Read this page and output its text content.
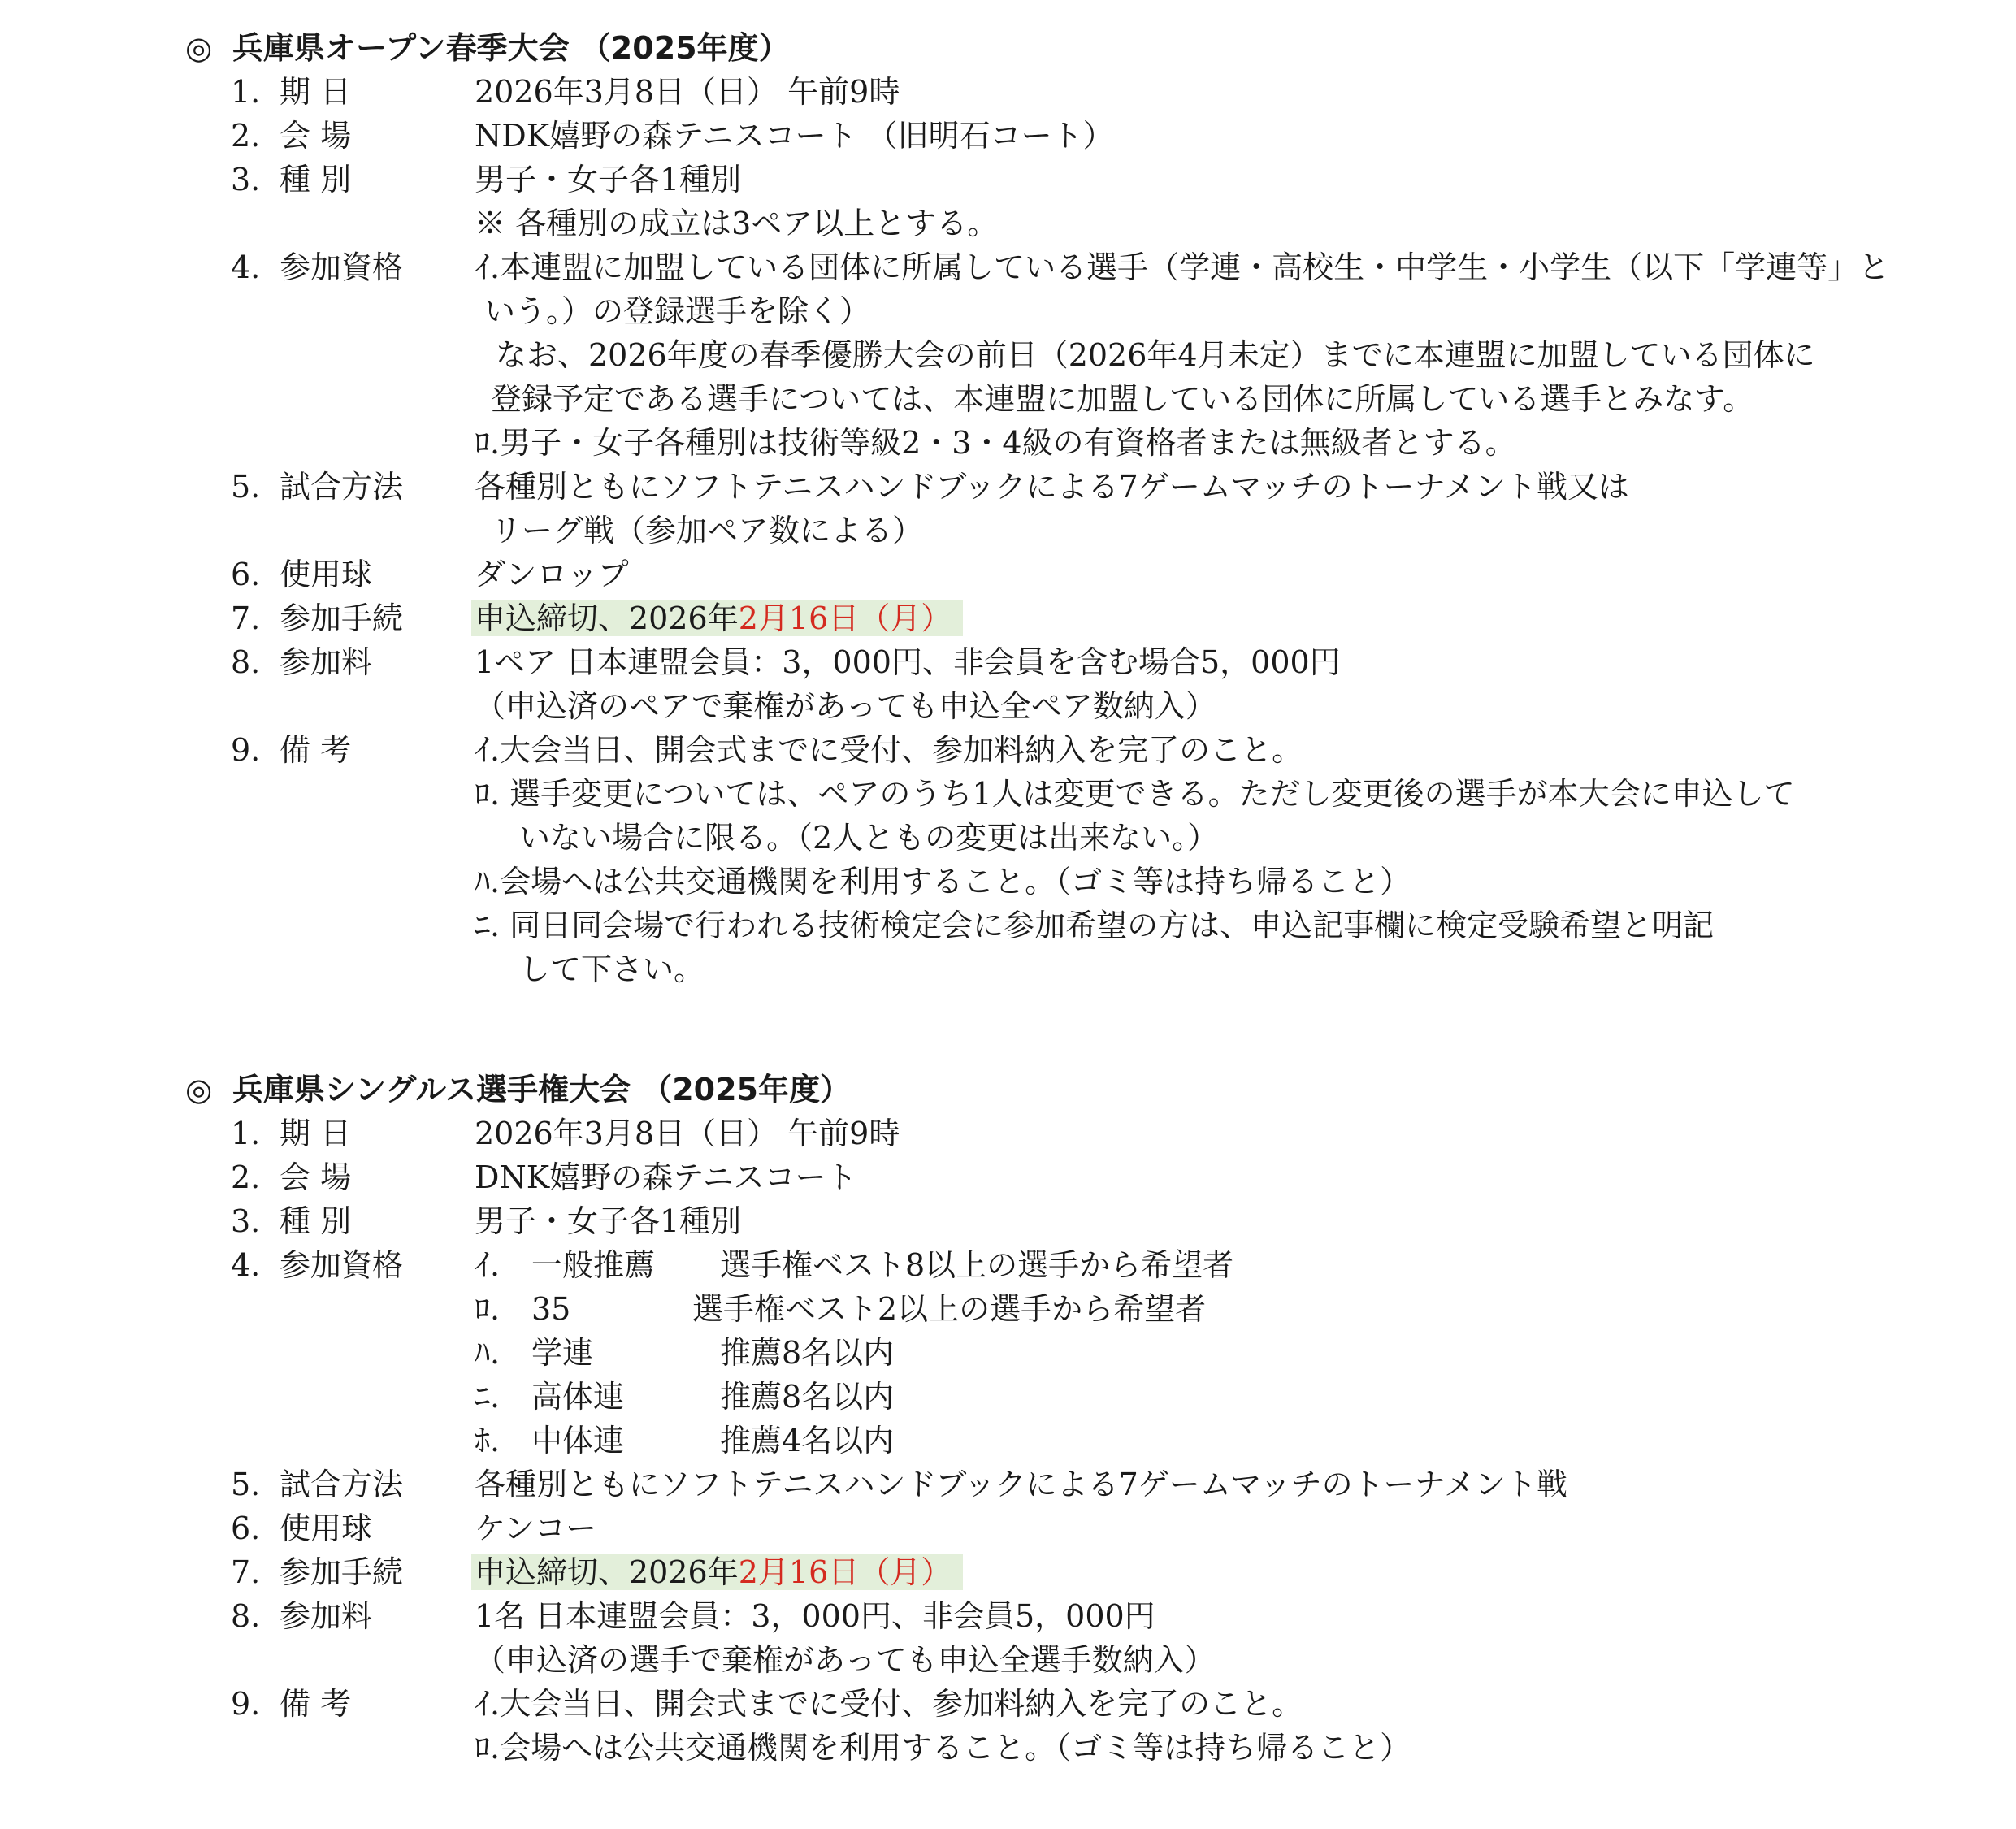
◎ 兵庫県オープン春季大会 （2025年度）
1. 期 日	2026年3月8日（日） 午前9時
2. 会 場	NDK嬉野の森テニスコート （旧明石コート）
3. 種 別	男子・女子各1種別
※ 各種別の成立は3ペア以上とする。
4. 参加資格 ｲ.本連盟に加盟している団体に所属している選手（学連・高校生・中学生・小学生（以下「学連等」と
いう。）の登録選手を除く）
なお、2026年度の春季優勝大会の前日（2026年4月未定）までに本連盟に加盟している団体に
登録予定である選手については、本連盟に加盟している団体に所属している選手とみなす。
ﾛ.男子・女子各種別は技術等級2・3・4級の有資格者または無級者とする。
5. 試合方法 各種別ともにソフトテニスハンドブックによる7ゲームマッチのトーナメント戦又は
リーグ戦（参加ペア数による）
6. 使用球	ダンロップ
7. 参加手続 申込締切、2026年2月16日（月）
8. 参加料	1ペア 日本連盟会員：3，000円、非会員を含む場合5，000円
（申込済のペアで棄権があっても申込全ペア数納入）
9. 備 考	ｲ.大会当日、開会式までに受付、参加料納入を完了のこと。
ﾛ. 選手変更については、ペアのうち1人は変更できる。ただし変更後の選手が本大会に申込して
いない場合に限る。（2人ともの変更は出来ない。）
ﾊ.会場へは公共交通機関を利用すること。（ゴミ等は持ち帰ること）
ﾆ. 同日同会場で行われる技術検定会に参加希望の方は、申込記事欄に検定受験希望と明記
して下さい。
◎ 兵庫県シングルス選手権大会 （2025年度）
1. 期 日	2026年3月8日（日） 午前9時
2. 会 場	DNK嬉野の森テニスコート
3. 種 別	男子・女子各1種別
4. 参加資格 ｲ. 一般推薦 選手権ベスト8以上の選手から希望者
ﾛ. 35	選手権ベスト2以上の選手から希望者
ﾊ. 学連	推薦8名以内
ﾆ. 高体連	推薦8名以内
ﾎ. 中体連	推薦4名以内
5. 試合方法 各種別ともにソフトテニスハンドブックによる7ゲームマッチのトーナメント戦
6. 使用球	ケンコー
7. 参加手続 申込締切、2026年2月16日（月）
8. 参加料	1名 日本連盟会員：3，000円、非会員5，000円
（申込済の選手で棄権があっても申込全選手数納入）
9. 備 考	ｲ.大会当日、開会式までに受付、参加料納入を完了のこと。
ﾛ.会場へは公共交通機関を利用すること。（ゴミ等は持ち帰ること）
